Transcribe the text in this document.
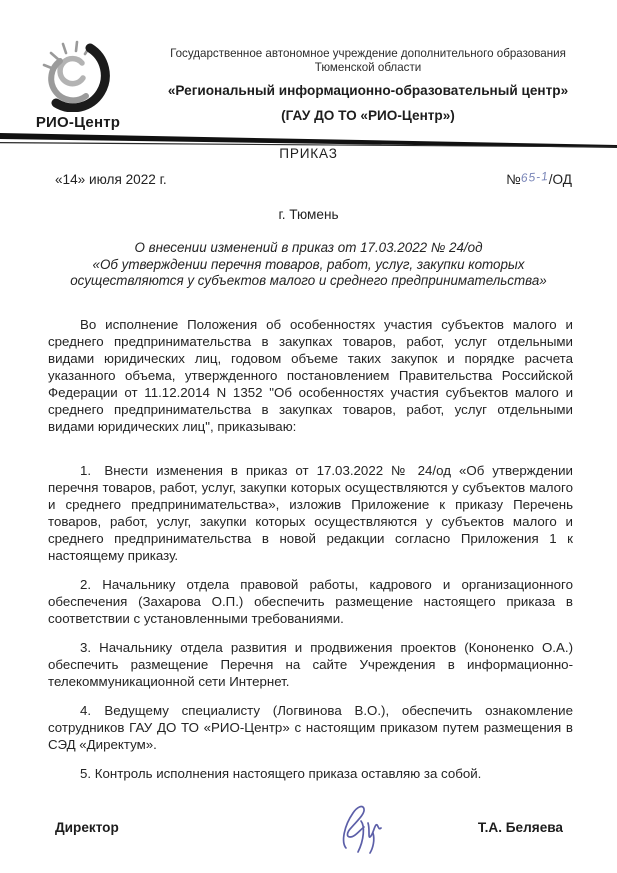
РИО-Центр
Государственное автономное учреждение дополнительного образования
Тюменской области
«Региональный информационно-образовательный центр»
(ГАУ ДО ТО «РИО-Центр»)
ПРИКАЗ
«14» июля 2022 г.	№65-1/ОД
г. Тюмень
О внесении изменений в приказ от 17.03.2022 № 24/од
«Об утверждении перечня товаров, работ, услуг, закупки которых
осуществляются у субъектов малого и среднего предпринимательства»

Во исполнение Положения об особенностях участия субъектов малого и среднего предпринимательства в закупках товаров, работ, услуг отдельными видами юридических лиц, годовом объеме таких закупок и порядке расчета указанного объема, утвержденного постановлением Правительства Российской Федерации от 11.12.2014 N 1352 "Об особенностях участия субъектов малого и среднего предпринимательства в закупках товаров, работ, услуг отдельными видами юридических лиц", приказываю:

1. Внести изменения в приказ от 17.03.2022 № 24/од «Об утверждении перечня товаров, работ, услуг, закупки которых осуществляются у субъектов малого и среднего предпринимательства», изложив Приложение к приказу Перечень товаров, работ, услуг, закупки которых осуществляются у субъектов малого и среднего предпринимательства в новой редакции согласно Приложения 1 к настоящему приказу.

2. Начальнику отдела правовой работы, кадрового и организационного обеспечения (Захарова О.П.) обеспечить размещение настоящего приказа в соответствии с установленными требованиями.

3. Начальнику отдела развития и продвижения проектов (Кононенко О.А.) обеспечить размещение Перечня на сайте Учреждения в информационно-телекоммуникационной сети Интернет.

4. Ведущему специалисту (Логвинова В.О.), обеспечить ознакомление сотрудников ГАУ ДО ТО «РИО-Центр» с настоящим приказом путем размещения в СЭД «Директум».

5. Контроль исполнения настоящего приказа оставляю за собой.

Директор	Т.А. Беляева
